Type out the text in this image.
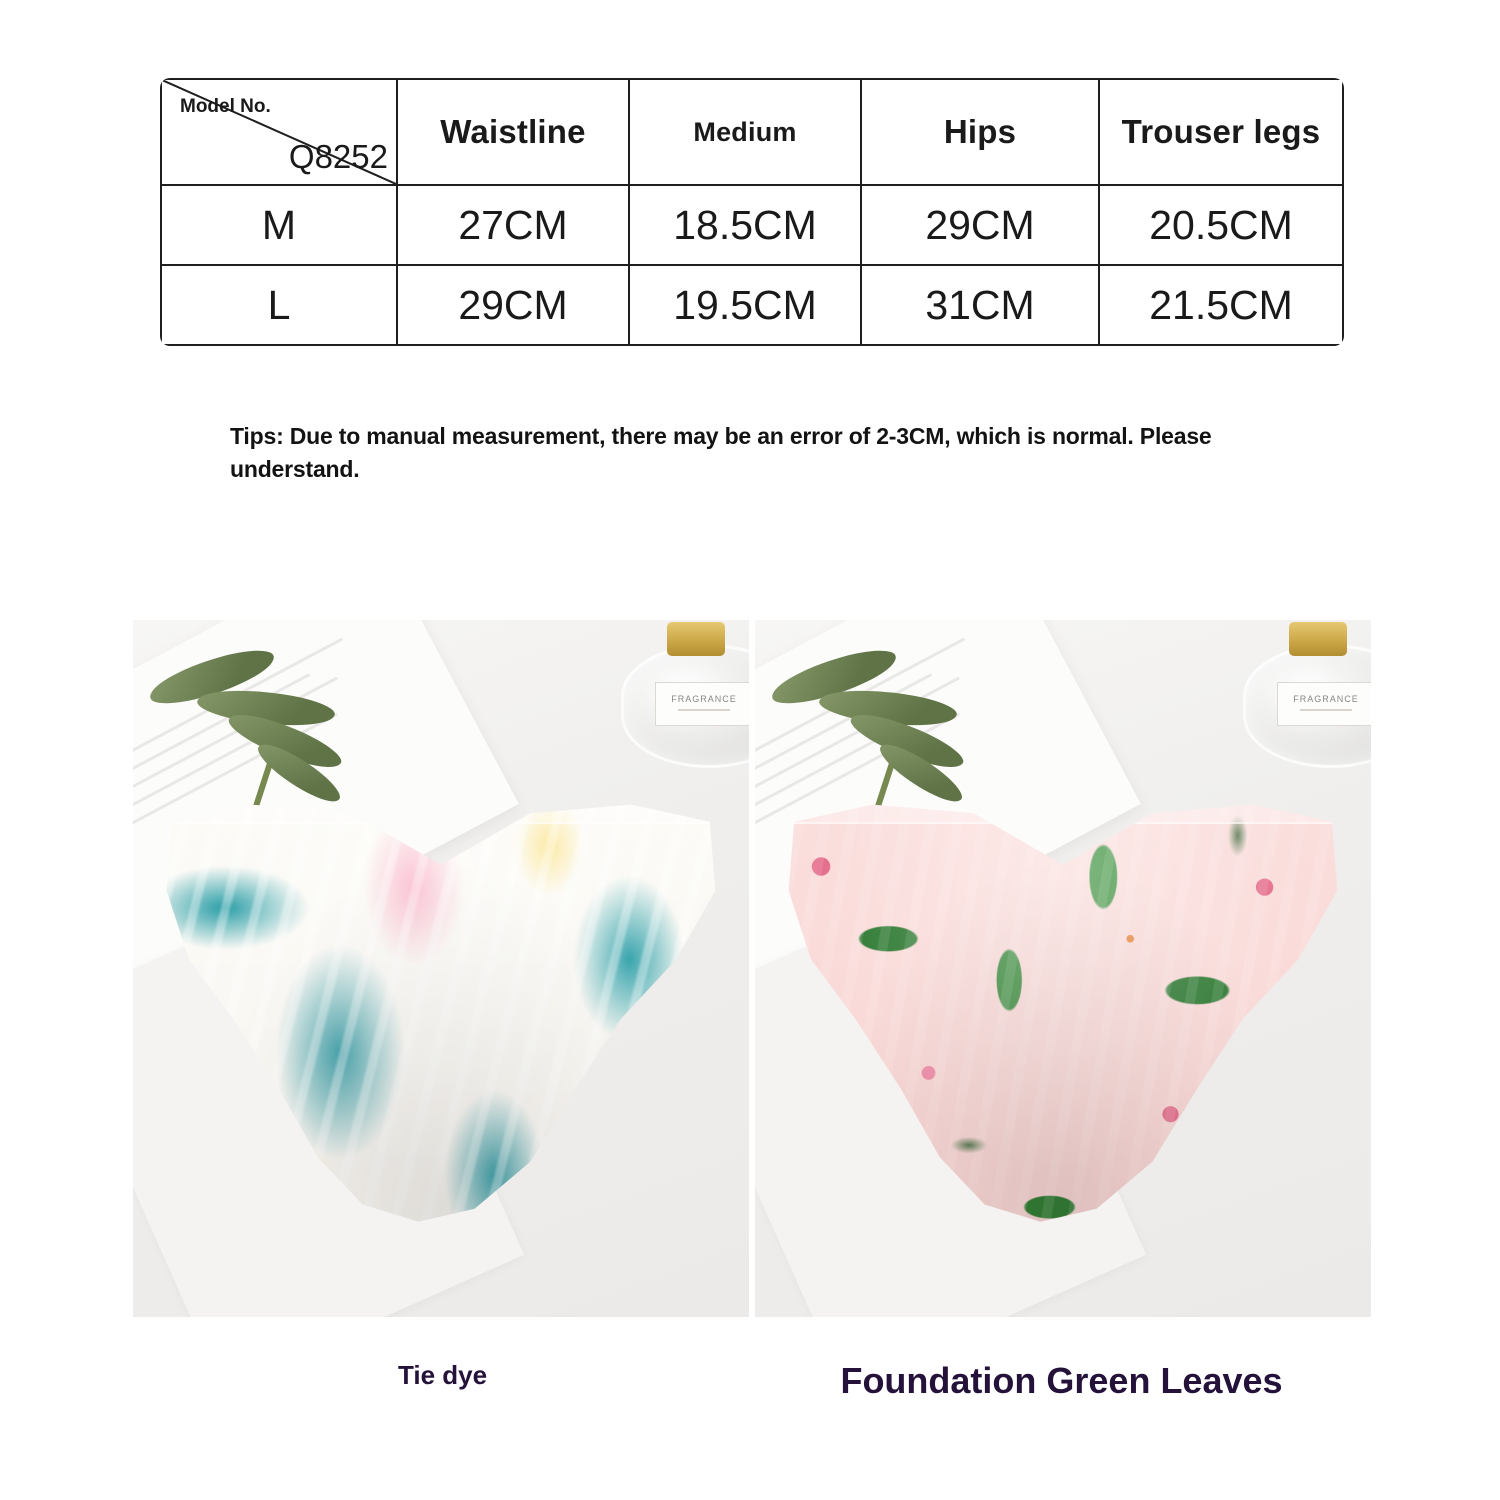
Model No.
Q8252	Waistline	Medium	Hips	Trouser legs
M	27CM	18.5CM	29CM	20.5CM
L	29CM	19.5CM	31CM	21.5CM
Tips: Due to manual measurement, there may be an error of 2-3CM, which is normal. Please understand.
FRAGRANCE	FRAGRANCE
Tie dye	Foundation Green Leaves
